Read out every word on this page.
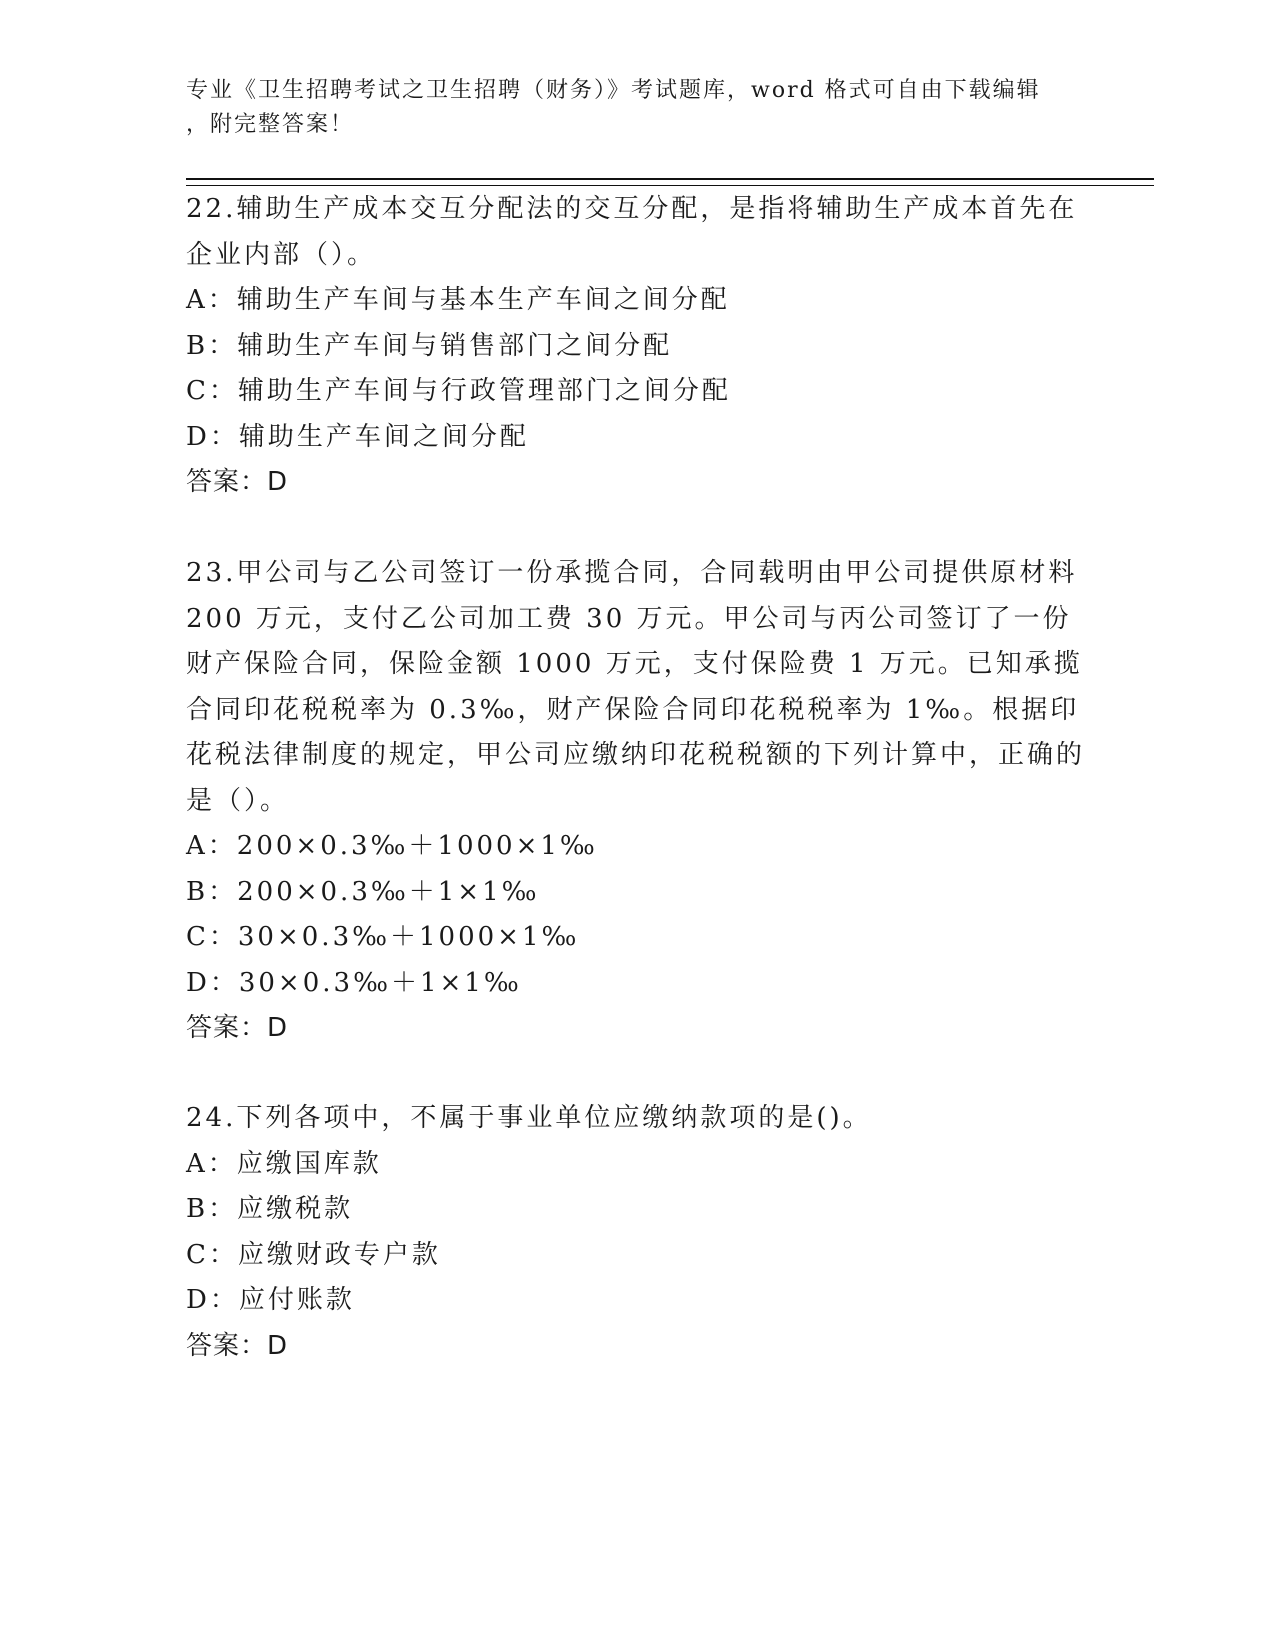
专业《卫生招聘考试之卫生招聘（财务）》考试题库，word 格式可自由下载编辑
，附完整答案！

22.辅助生产成本交互分配法的交互分配，是指将辅助生产成本首先在企业内部（）。

A：辅助生产车间与基本生产车间之间分配

B：辅助生产车间与销售部门之间分配

C：辅助生产车间与行政管理部门之间分配

D：辅助生产车间之间分配

答案：D

23.甲公司与乙公司签订一份承揽合同，合同载明由甲公司提供原材料200 万元，支付乙公司加工费 30 万元。甲公司与丙公司签订了一份财产保险合同，保险金额 1000 万元，支付保险费 1 万元。已知承揽合同印花税税率为 0.3‰，财产保险合同印花税税率为 1‰。根据印花税法律制度的规定，甲公司应缴纳印花税税额的下列计算中，正确的是（）。

A：200×0.3‰＋1000×1‰

B：200×0.3‰＋1×1‰

C：30×0.3‰＋1000×1‰

D：30×0.3‰＋1×1‰

答案：D

24.下列各项中，不属于事业单位应缴纳款项的是()。

A：应缴国库款

B：应缴税款

C：应缴财政专户款

D：应付账款

答案：D
